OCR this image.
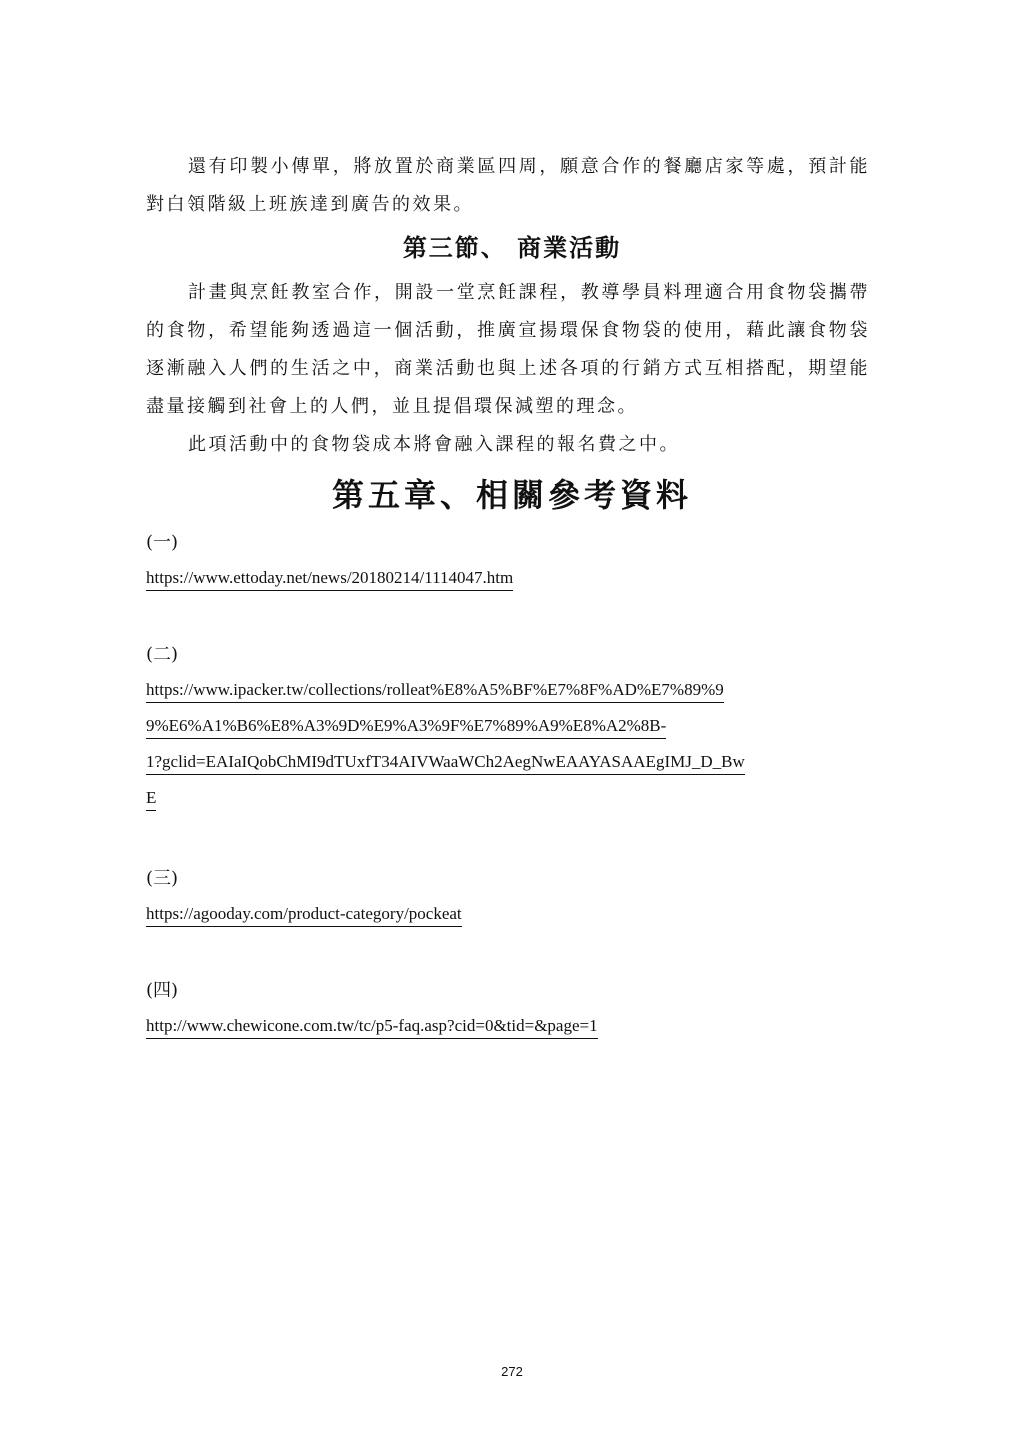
還有印製小傳單，將放置於商業區四周，願意合作的餐廳店家等處，預計能對白領階級上班族達到廣告的效果。

第三節、 商業活動

計畫與烹飪教室合作，開設一堂烹飪課程，教導學員料理適合用食物袋攜帶的食物，希望能夠透過這一個活動，推廣宣揚環保食物袋的使用，藉此讓食物袋逐漸融入人們的生活之中，商業活動也與上述各項的行銷方式互相搭配，期望能盡量接觸到社會上的人們，並且提倡環保減塑的理念。

此項活動中的食物袋成本將會融入課程的報名費之中。

第五章、相關參考資料

(一)

https://www.ettoday.net/news/20180214/1114047.htm

(二)

https://www.ipacker.tw/collections/rolleat%E8%A5%BF%E7%8F%AD%E7%89%9
9%E6%A1%B6%E8%A3%9D%E9%A3%9F%E7%89%A9%E8%A2%8B-
1?gclid=EAIaIQobChMI9dTUxfT34AIVWaaWCh2AegNwEAAYASAAEgIMJ_D_Bw
E

(三)

https://agooday.com/product-category/pockeat

(四)

http://www.chewicone.com.tw/tc/p5-faq.asp?cid=0&tid=&page=1

272
